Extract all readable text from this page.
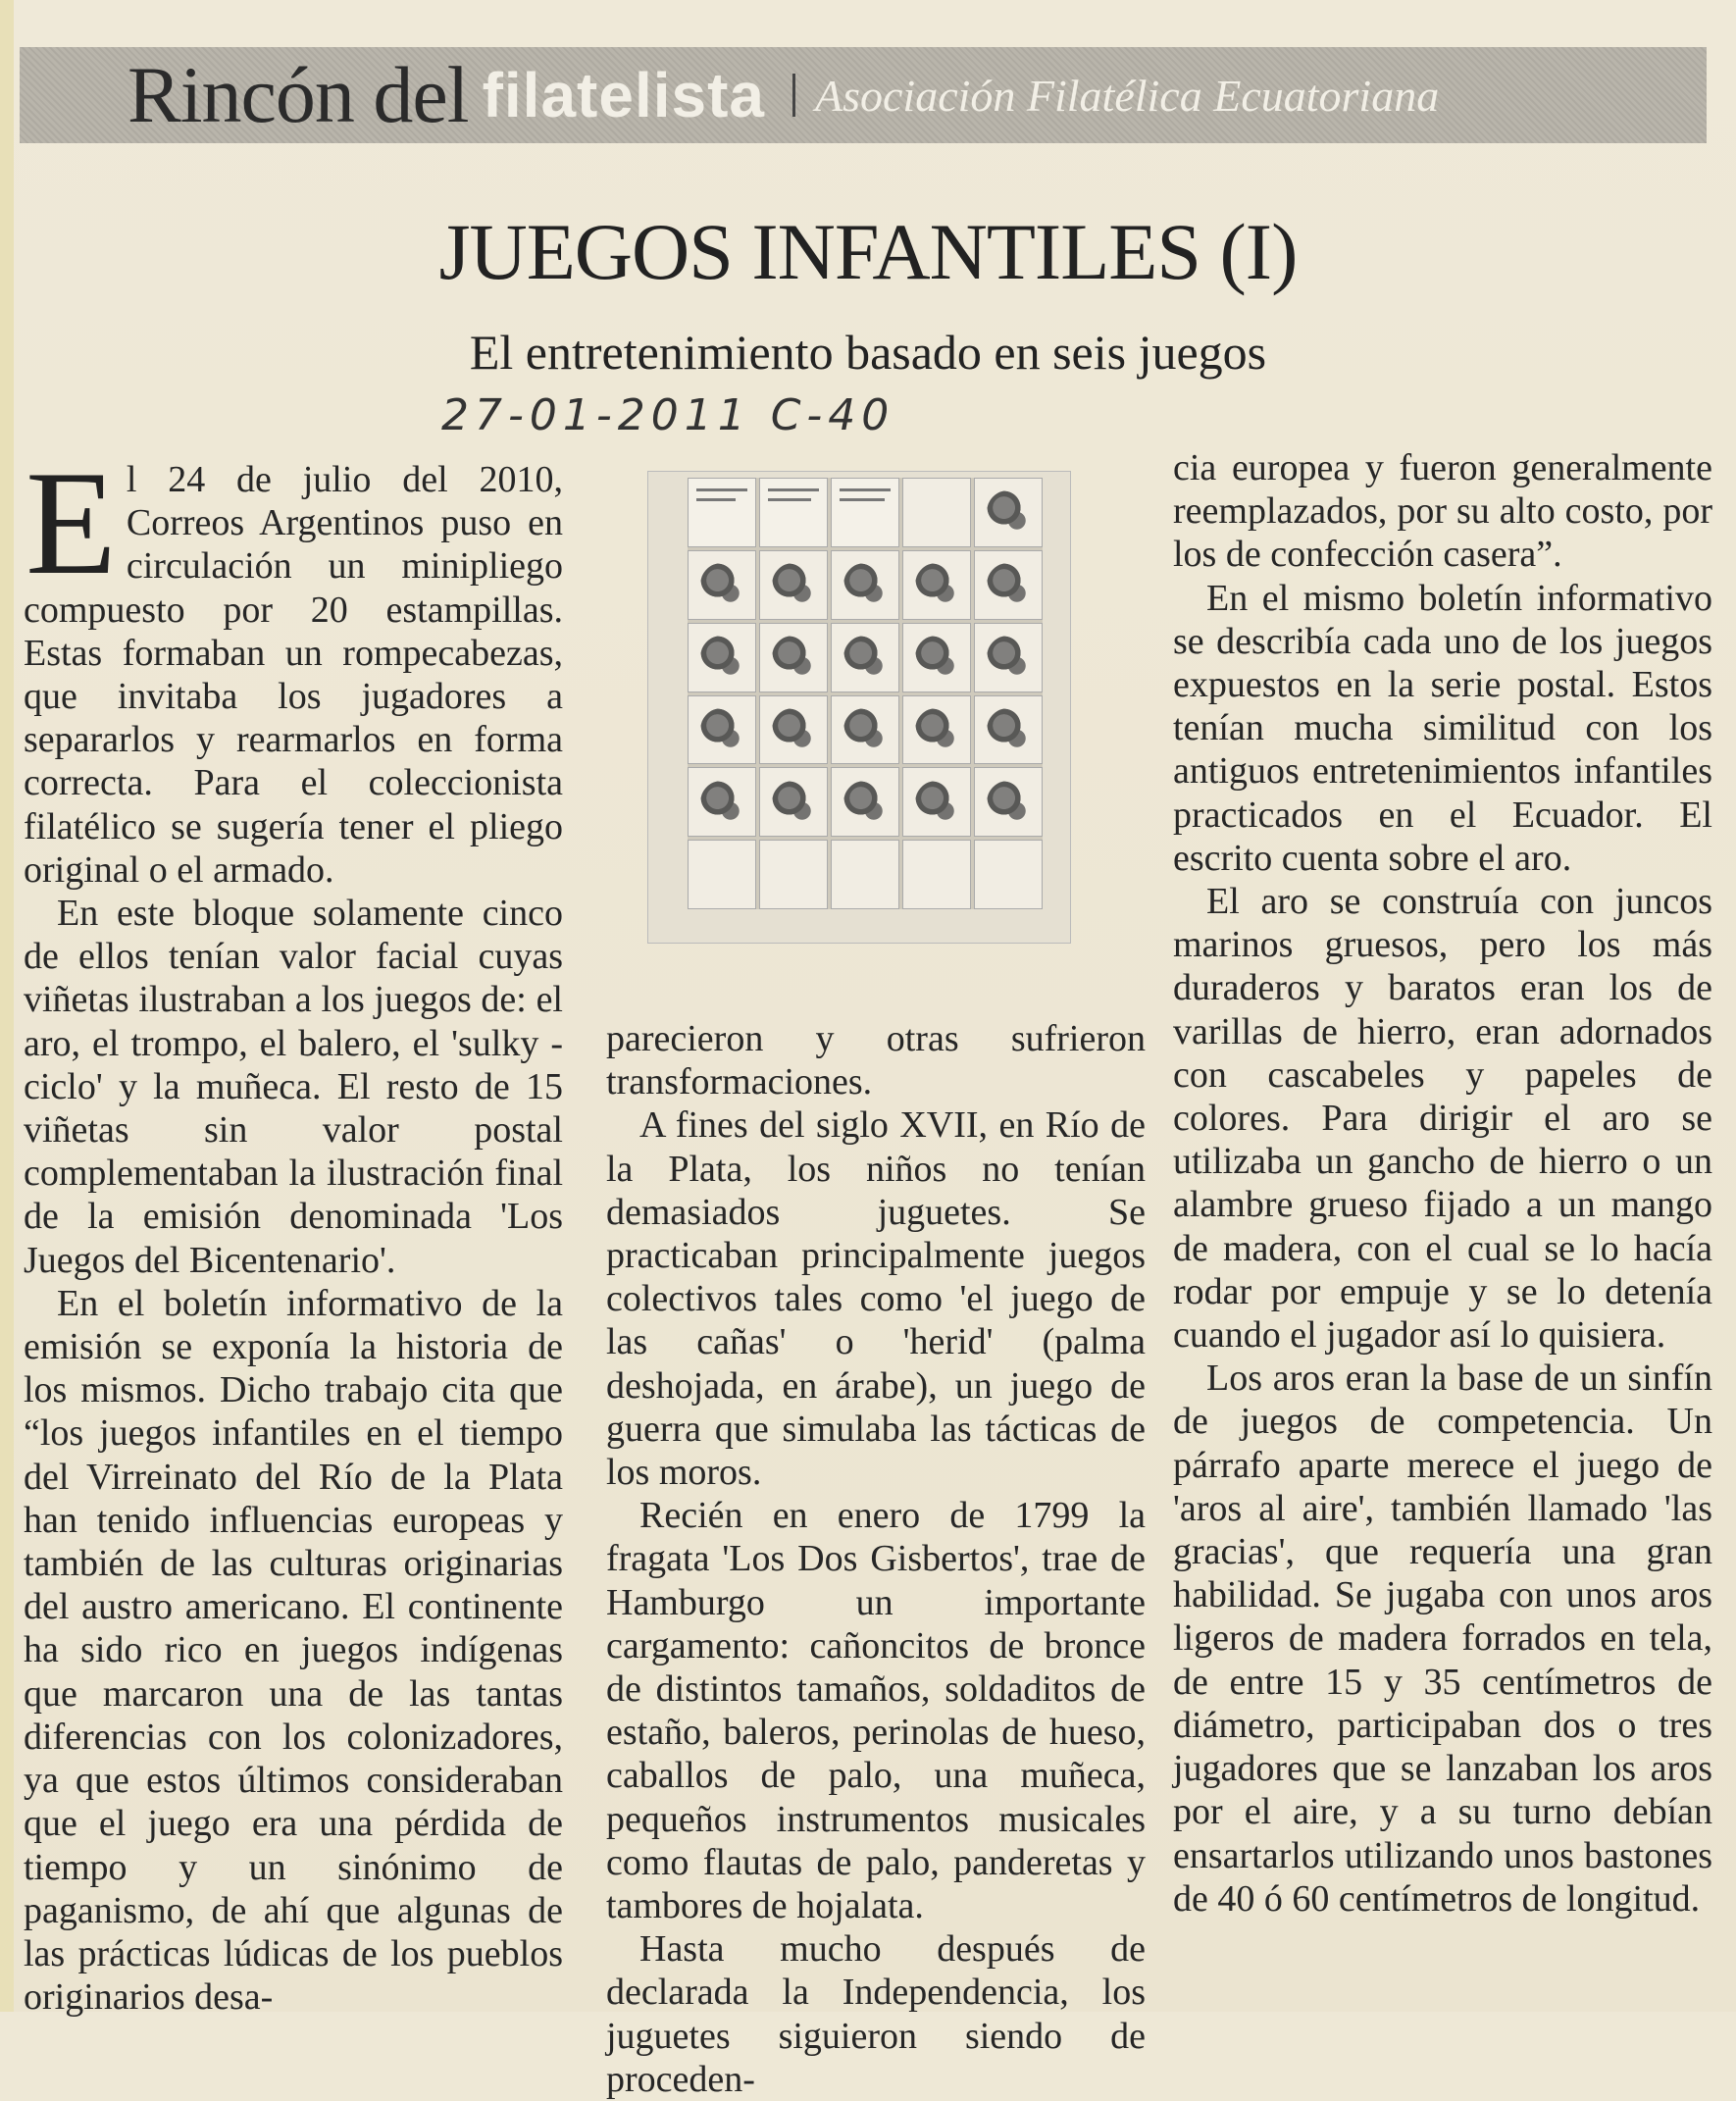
Rincón del filatelista Asociación Filatélica Ecuatoriana
JUEGOS INFANTILES (I)
El entretenimiento basado en seis juegos
27-01-2011 C-40

El 24 de julio del 2010, Correos Argentinos puso en circulación un minipliego compuesto por 20 estampillas. Estas formaban un rompecabezas, que invitaba los jugadores a separarlos y rearmarlos en forma correcta. Para el coleccionista filatélico se sugería tener el pliego original o el armado.

En este bloque solamente cinco de ellos tenían valor facial cuyas viñetas ilustraban a los juegos de: el aro, el trompo, el balero, el 'sulky -ciclo' y la muñeca. El resto de 15 viñetas sin valor postal complementaban la ilustración final de la emisión denominada 'Los Juegos del Bicentenario'.

En el boletín informativo de la emisión se exponía la historia de los mismos. Dicho trabajo cita que “los juegos infantiles en el tiempo del Virreinato del Río de la Plata han tenido influencias europeas y también de las culturas originarias del austro americano. El continente ha sido rico en juegos indígenas que marcaron una de las tantas diferencias con los colonizadores, ya que estos últimos consideraban que el juego era una pérdida de tiempo y un sinónimo de paganismo, de ahí que algunas de las prácticas lúdicas de los pueblos originarios desa-

parecieron y otras sufrieron transformaciones.

A fines del siglo XVII, en Río de la Plata, los niños no tenían demasiados juguetes. Se practicaban principalmente juegos colectivos tales como 'el juego de las cañas' o 'herid' (palma deshojada, en árabe), un juego de guerra que simulaba las tácticas de los moros.

Recién en enero de 1799 la fragata 'Los Dos Gisbertos', trae de Hamburgo un importante cargamento: cañoncitos de bronce de distintos tamaños, soldaditos de estaño, baleros, perinolas de hueso, caballos de palo, una muñeca, pequeños instrumentos musicales como flautas de palo, panderetas y tambores de hojalata.

Hasta mucho después de declarada la Independencia, los juguetes siguieron siendo de proceden-

cia europea y fueron generalmente reemplazados, por su alto costo, por los de confección casera”.

En el mismo boletín informativo se describía cada uno de los juegos expuestos en la serie postal. Estos tenían mucha similitud con los antiguos entretenimientos infantiles practicados en el Ecuador. El escrito cuenta sobre el aro.

El aro se construía con juncos marinos gruesos, pero los más duraderos y baratos eran los de varillas de hierro, eran adornados con cascabeles y papeles de colores. Para dirigir el aro se utilizaba un gancho de hierro o un alambre grueso fijado a un mango de madera, con el cual se lo hacía rodar por empuje y se lo detenía cuando el jugador así lo quisiera.

Los aros eran la base de un sinfín de juegos de competencia. Un párrafo aparte merece el juego de 'aros al aire', también llamado 'las gracias', que requería una gran habilidad. Se jugaba con unos aros ligeros de madera forrados en tela, de entre 15 y 35 centímetros de diámetro, participaban dos o tres jugadores que se lanzaban los aros por el aire, y a su turno debían ensartarlos utilizando unos bastones de 40 ó 60 centímetros de longitud.
